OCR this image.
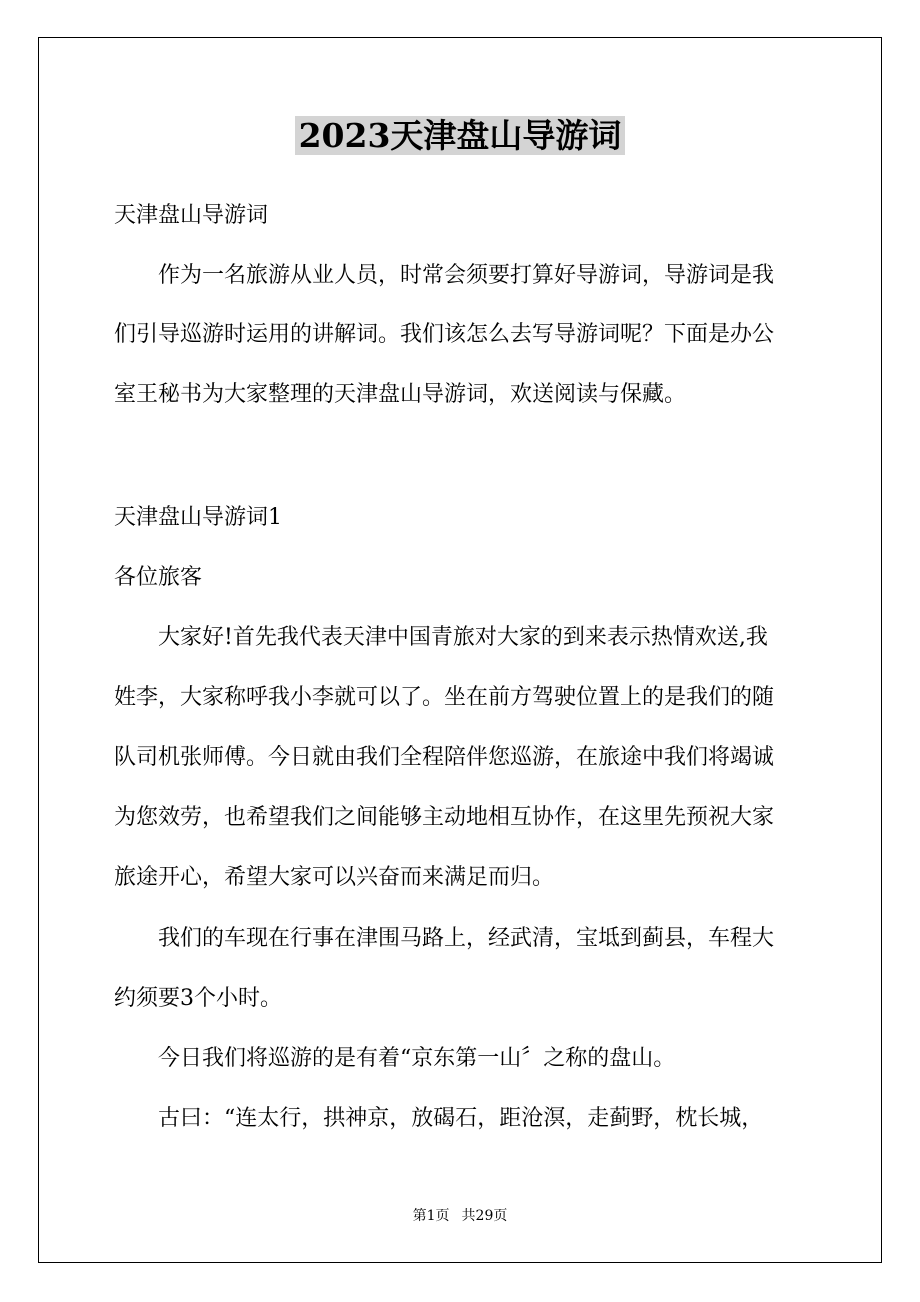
2023天津盘山导游词
天津盘山导游词
作为一名旅游从业人员，时常会须要打算好导游词，导游词是我
们引导巡游时运用的讲解词。我们该怎么去写导游词呢？下面是办公
室王秘书为大家整理的天津盘山导游词，欢送阅读与保藏。
天津盘山导游词1
各位旅客
大家好!首先我代表天津中国青旅对大家的到来表示热情欢送,我
姓李，大家称呼我小李就可以了。坐在前方驾驶位置上的是我们的随
队司机张师傅。今日就由我们全程陪伴您巡游，在旅途中我们将竭诚
为您效劳，也希望我们之间能够主动地相互协作，在这里先预祝大家
旅途开心，希望大家可以兴奋而来满足而归。
我们的车现在行事在津围马路上，经武清，宝坻到蓟县，车程大
约须要3个小时。
今日我们将巡游的是有着“京东第一山〞之称的盘山。
古曰：“连太行，拱神京，放碣石，距沧溟，走蓟野，枕长城，
第1页 共29页
